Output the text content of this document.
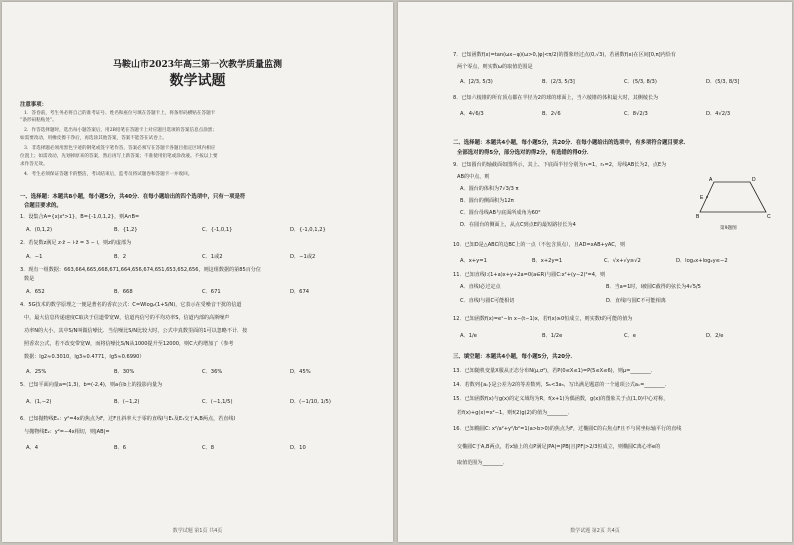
马鞍山市2023年高三第一次教学质量监测
数学试题
注意事项：
1．答卷前，考生务必将自己的准考证号、姓名和座位号填在答题卡上，将条形码横贴在答题卡
“条形码粘贴处”。
2．作答选择题时，选出每小题答案后，用2B铅笔在答题卡上对应题目选项的答案信息点涂黑；
如需要改动，用橡皮擦干净后，再选涂其他答案，答案不能答在试卷上。
3．非选择题必须用黑色字迹的钢笔或签字笔作答，答案必须写在答题卡各题目指定区域内相应
位置上；如需改动，先划掉原来的答案，然后再写上新答案；不准使用铅笔或涂改液。不按以上要
求作答无效。
4．考生必须保证答题卡的整洁，考试结束后，监考员将试题卷和答题卡一并收回。
一、选择题：本题共8小题，每小题5分，共40分．在每小题给出的四个选项中，只有一项是符
合题目要求的。
1．设集合A={x|x²>1}，B={-1,0,1,2}，则A∩B=
A．(0,1,2)	B．{1,2}	C．{-1,0,1}	D．{-1,0,1,2}
2．若复数z满足 z·z̄ − i·z̄ = 3 − i，则z的虚部为
A．−1	B．2	C．1或2	D．−1或2
3．现有一组数据：663,664,665,668,671,664,656,674,651,653,652,656，则这组数据的第85百分位
数是
A．652	B．668	C．671	D．674
4．5G技术的数学原理之一便是著名的香农公式：C=Wlog₂(1+S/N)，它表示在受噪音干扰的信道
中，最大信息传递速度C取决于信道带宽W，信道内信号的平均功率S，信道内部的高斯噪声
功率N的大小，其中S/N叫做信噪比．当信噪比S/N比较大时，公式中真数里面的1可以忽略不计．按
照香农公式，若不改变带宽W，而将信噪比S/N从1000提升至12000，则C大约增加了（参考
数据：lg2≈0.3010，lg3≈0.4771，lg5≈0.6990）
A．25%	B．30%	C．36%	D．45%
5．已知平面向量a=(1,3)，b=(-2,4)，则a在b上的投影向量为
A．(1,−2)	B．(−1,2)	C．(−1,1/5)	D．(−1/10, 1/5)
6．已知抛物线E₁：y²=4x的焦点为F，过F且斜率大于零的直线l与E₁及E₁交于A,B两点，若直线l
与抛物线E₂：y²=−4x相切，则|AB|=
A．4	B．6	C．8	D．10
数学试题 第1页 共4页
7．已知函数f(x)=tan(ωx−φ)(ω>0,|φ|<π/2)的图象经过点(0,√3)，若函数f(x)在区间[0,π]内恰有
两个零点，则实数ω的取值范围是
A．[2/3, 5/3)	B．(2/3, 5/3]	C．(5/3, 8/3)	D．(5/3, 8/3]
8．已知六棱锥的所有顶点都在半径为2的球的球面上，当六棱锥的体积最大时，其侧棱长为
A．4√6/3	B．2√6	C．8√2/3	D．4√2/3
二、选择题：本题共4小题，每小题5分，共20分．在每小题给出的选项中，有多项符合题目要求．
全部选对的得5分，部分选对的得2分，有选错的得0分．
9．已知圆台的轴截面如图所示，其上、下底面半径分别为r₁=1，r₂=2，母线AB长为2，点E为
AB的中点，则
A．圆台的体积为7√3/3 π
B．圆台的侧面积为12π
C．圆台母线AB与底面所成角为60°
D．在圆台的侧面上，从点C到点E的最短路径长为4
A	D
B	C
E
第9题图
10．已知D是△ABC的边BC上的一点（不包含顶点），且AD=xAB+yAC，则
A．x+y=1	B．x+2y=1	C．√x+√y≥√2	D．log₂x+log₂y≤−2
11．已知直线l:(1+a)x+y+2a=0(a∈R)与圆C:x²+(y−2)²=4，则
A．直线l必过定点	B．当a=1时，l被圆C截得的弦长为4√5/5
C．直线l与圆C可能相切	D．直线l与圆C不可能相离
12．已知函数f(x)=eˣ−ln x−(t−1)x，若f(x)≥0恒成立，则实数t的可能的值为
A．1/e	B．1/2e	C．e	D．2/e
三、填空题：本题共4小题，每小题5分，共20分．
13．已知随机变量X服从正态分布N(μ,σ²)，若P(0≤X≤1)=P(5≤X≤6)，则μ=________．
14．若数列{aₙ}是公差为2的等差数列，S₅<3a₃，写出满足题意的一个通项公式aₙ=________．
15．已知函数f(x)与g(x)的定义域均为R，f(x+1)为偶函数，g(x)的图象关于点(1,0)中心对称，
若f(x)+g(x)=x²−1，则f(2)g(2)的值为________．
16．已知椭圆C: x²/a²+y²/b²=1(a>b>0)的焦点为F，过椭圆C的右焦点F且不与同坐标轴平行的直线
交椭圆C于A,B两点，若x轴上的点P满足|PA|=|PB|且|PF|>2/3恒成立，则椭圆C离心率e的
取值范围为________．
数学试题 第2页 共4页
